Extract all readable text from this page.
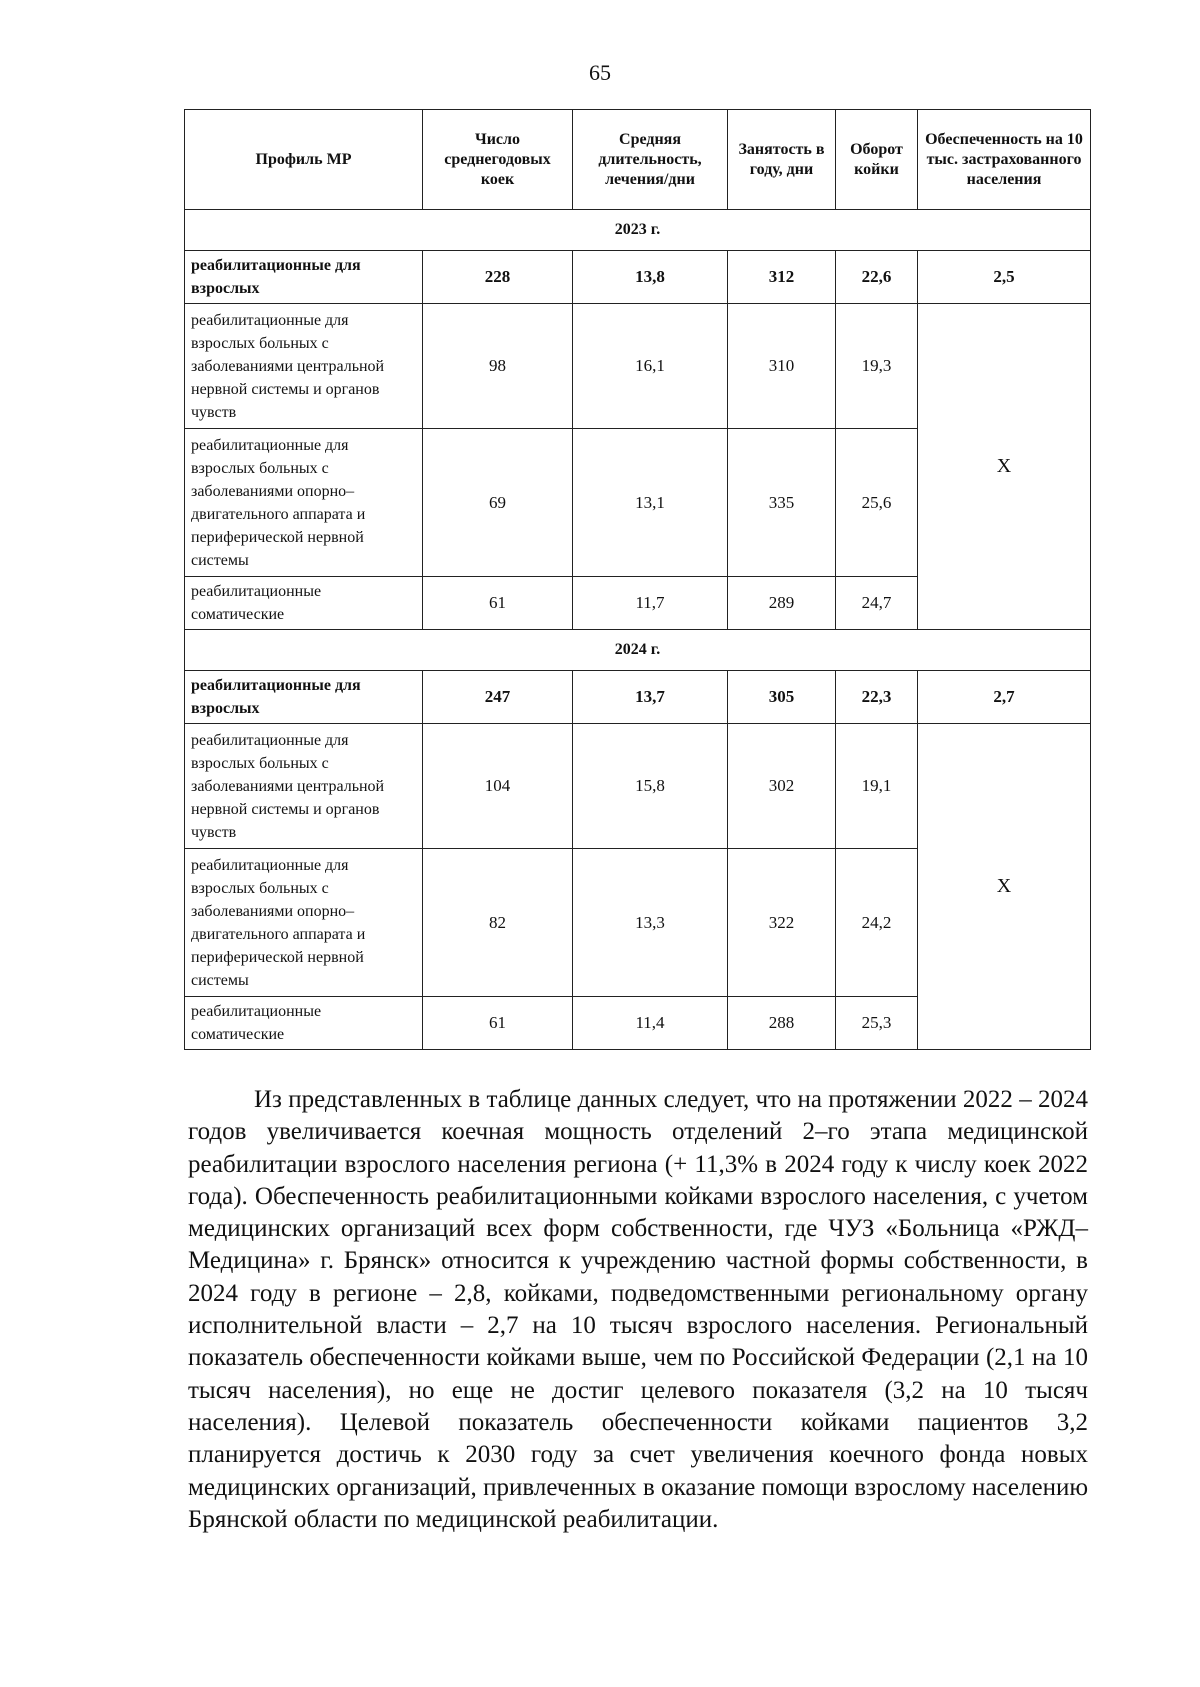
65
Профиль МР	Число среднегодовых коек	Средняя длительность, лечения/дни	Занятость в году, дни	Оборот койки	Обеспеченность на 10 тыс. застрахованного населения
2023 г.					
реабилитационные для взрослых	228	13,8	312	22,6	2,5
реабилитационные для взрослых больных с заболеваниями центральной нервной системы и органов чувств	98	16,1	310	19,3	Х
реабилитационные для взрослых больных с заболеваниями опорно–двигательного аппарата и периферической нервной системы	69	13,1	335	25,6	
реабилитационные соматические	61	11,7	289	24,7	
2024 г.					
реабилитационные для взрослых	247	13,7	305	22,3	2,7
реабилитационные для взрослых больных с заболеваниями центральной нервной системы и органов чувств	104	15,8	302	19,1	Х
реабилитационные для взрослых больных с заболеваниями опорно–двигательного аппарата и периферической нервной системы	82	13,3	322	24,2	
реабилитационные соматические	61	11,4	288	25,3	

Из представленных в таблице данных следует, что на протяжении 2022 – 2024 годов увеличивается коечная мощность отделений 2–го этапа медицинской реабилитации взрослого населения региона (+ 11,3% в 2024 году к числу коек 2022 года). Обеспеченность реабилитационными койками взрослого населения, с учетом медицинских организаций всех форм собственности, где ЧУЗ «Больница «РЖД–Медицина» г. Брянск» относится к учреждению частной формы собственности, в 2024 году в регионе – 2,8, койками, подведомственными региональному органу исполнительной власти – 2,7 на 10 тысяч взрослого населения. Региональный показатель обеспеченности койками выше, чем по Российской Федерации (2,1 на 10 тысяч населения), но еще не достиг целевого показателя (3,2 на 10 тысяч населения). Целевой показатель обеспеченности койками пациентов 3,2 планируется достичь к 2030 году за счет увеличения коечного фонда новых медицинских организаций, привлеченных в оказание помощи взрослому населению Брянской области по медицинской реабилитации.
